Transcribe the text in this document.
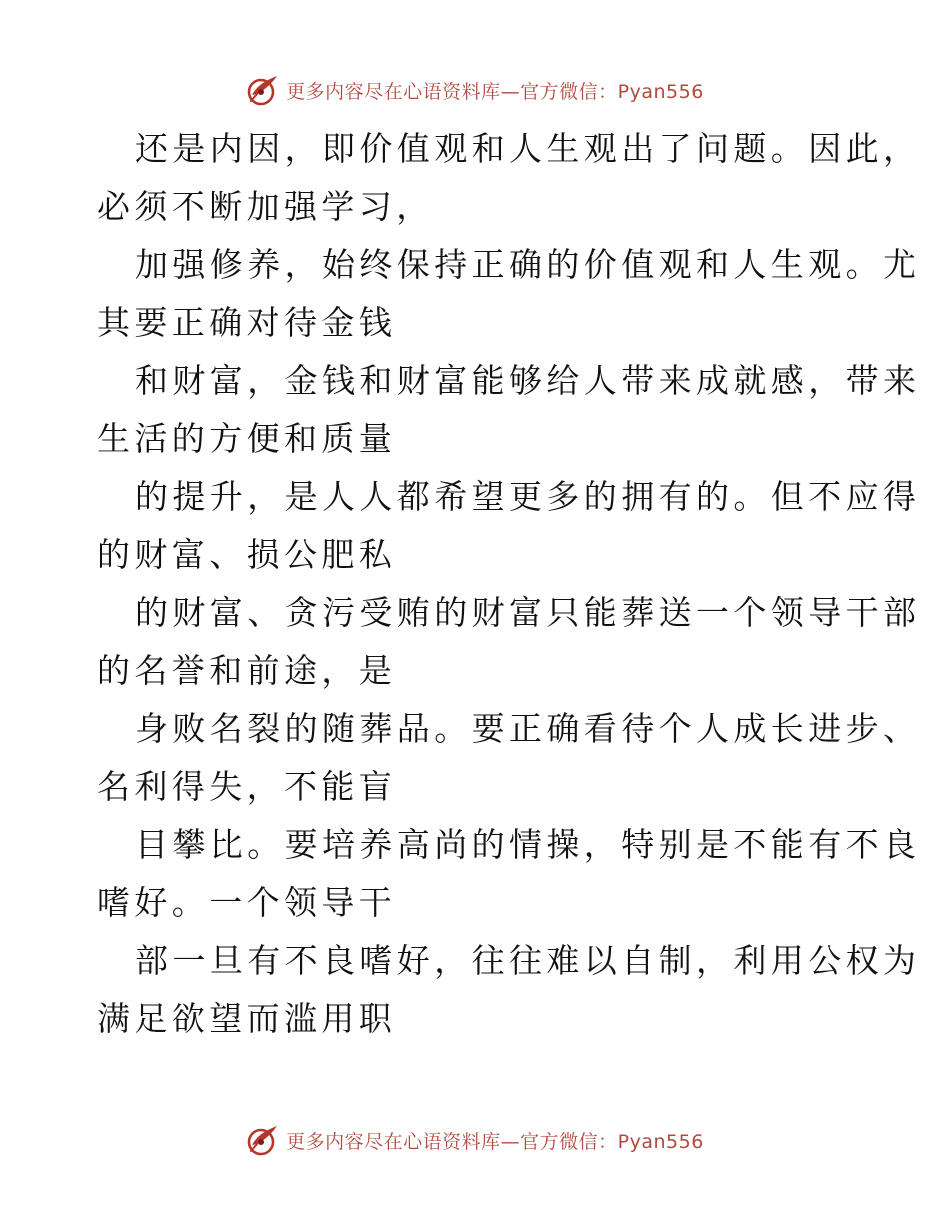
更多内容尽在心语资料库—官方微信：Pyan556
还是内因，即价值观和人生观出了问题。因此，
必须不断加强学习，
加强修养，始终保持正确的价值观和人生观。尤
其要正确对待金钱
和财富，金钱和财富能够给人带来成就感，带来
生活的方便和质量
的提升，是人人都希望更多的拥有的。但不应得
的财富、损公肥私
的财富、贪污受贿的财富只能葬送一个领导干部
的名誉和前途，是
身败名裂的随葬品。要正确看待个人成长进步、
名利得失，不能盲
目攀比。要培养高尚的情操，特别是不能有不良
嗜好。一个领导干
部一旦有不良嗜好，往往难以自制，利用公权为
满足欲望而滥用职
更多内容尽在心语资料库—官方微信：Pyan556
